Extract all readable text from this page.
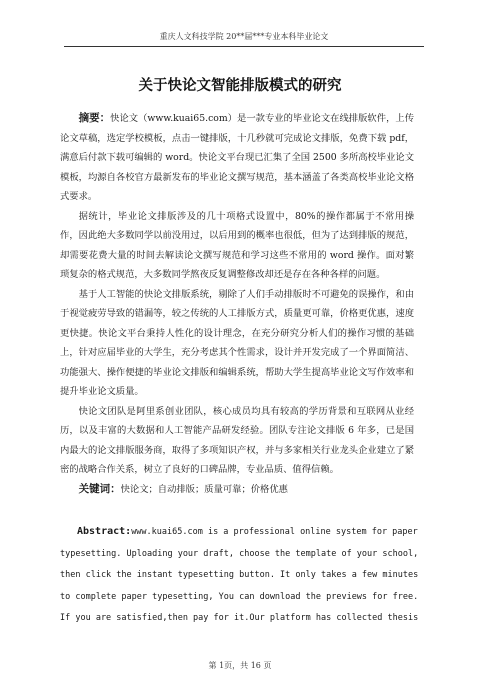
重庆人文科技学院 20**届***专业本科毕业论文
关于快论文智能排版模式的研究

摘要：快论文（www.kuai65.com）是一款专业的毕业论文在线排版软件，上传论文草稿，选定学校模板，点击一键排版，十几秒就可完成论文排版，免费下载 pdf，满意后付款下载可编辑的 word。快论文平台现已汇集了全国 2500 多所高校毕业论文模板，均源自各校官方最新发布的毕业论文撰写规范，基本涵盖了各类高校毕业论文格式要求。

据统计，毕业论文排版涉及的几十项格式设置中，80%的操作都属于不常用操作，因此绝大多数同学以前没用过，以后用到的概率也很低，但为了达到排版的规范，却需要花费大量的时间去解读论文撰写规范和学习这些不常用的 word 操作。面对繁琐复杂的格式规范，大多数同学熬夜反复调整修改却还是存在各种各样的问题。

基于人工智能的快论文排版系统，剔除了人们手动排版时不可避免的误操作，和由于视觉疲劳导致的错漏等，较之传统的人工排版方式，质量更可靠，价格更优惠，速度更快捷。快论文平台秉持人性化的设计理念，在充分研究分析人们的操作习惯的基础上，针对应届毕业的大学生，充分考虑其个性需求，设计并开发完成了一个界面简洁、功能强大、操作便捷的毕业论文排版和编辑系统，帮助大学生提高毕业论文写作效率和提升毕业论文质量。

快论文团队是阿里系创业团队，核心成员均具有较高的学历背景和互联网从业经历，以及丰富的大数据和人工智能产品研发经验。团队专注论文排版 6 年多，已是国内最大的论文排版服务商，取得了多项知识产权，并与多家相关行业龙头企业建立了紧密的战略合作关系，树立了良好的口碑品牌，专业品质、值得信赖。

关键词：快论文；自动排版；质量可靠；价格优惠

Abstract:www.kuai65.com is a professional online system for paper typesetting. Uploading your draft, choose the template of your school, then click the instant typesetting button. It only takes a few minutes to complete paper typesetting, You can download the previews for free.If you are satisfied,then pay for it.Our platform has collected thesis

第 1页，共 16 页
